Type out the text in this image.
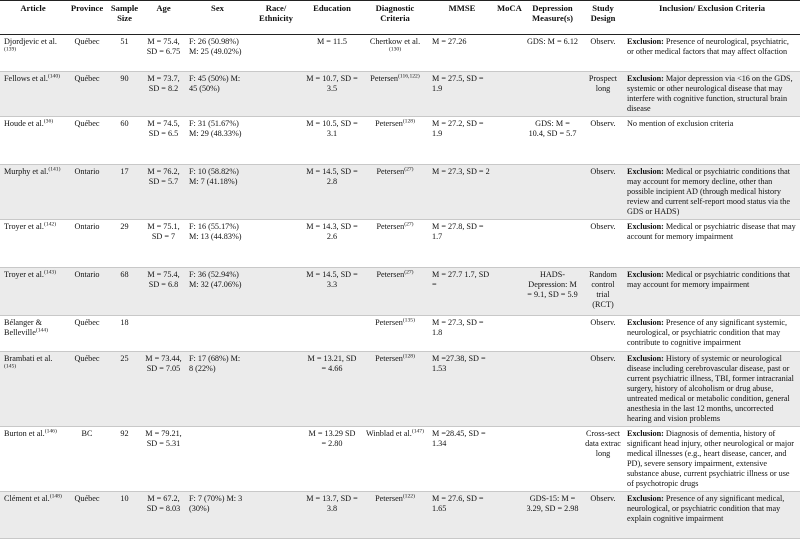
Article	Province	Sample Size	Age	Sex	Race/ Ethnicity	Education	Diagnostic Criteria	MMSE	MoCA	Depression Measure(s)	Study Design	Inclusion/ Exclusion Criteria
Djordjevic et al.$^{(139)}$	Québec	51	M = 75.4, SD = 6.75	F: 26 (50.98%) M: 25 (49.02%)		M = 11.5	Chertkow et al.$^{(130)}$	M = 27.26		GDS: M = 6.12	Observ.	Exclusion: Presence of neurological, psychiatric, or other medical factors that may affect olfaction
Fellows et al.$^{(140)}$	Québec	90	M = 73.7, SD = 8.2	F: 45 (50%) M: 45 (50%)		M = 10.7, SD = 3.5	Petersen$^{(116,122)}$	M = 27.5, SD = 1.9			Prospect long	Exclusion: Major depression via <16 on the GDS, systemic or other neurological disease that may interfere with cognitive function, structural brain disease
Houde et al.$^{(36)}$	Québec	60	M = 74.5, SD = 6.5	F: 31 (51.67%) M: 29 (48.33%)		M = 10.5, SD = 3.1	Petersen$^{(128)}$	M = 27.2, SD = 1.9		GDS: M = 10.4, SD = 5.7	Observ.	No mention of exclusion criteria
Murphy et al.$^{(141)}$	Ontario	17	M = 76.2, SD = 5.7	F: 10 (58.82%) M: 7 (41.18%)		M = 14.5, SD = 2.8	Petersen$^{(27)}$	M = 27.3, SD = 2			Observ.	Exclusion: Medical or psychiatric conditions that may account for memory decline, other than possible incipient AD (through medical history review and current self-report mood status via the GDS or HADS)
Troyer et al.$^{(142)}$	Ontario	29	M = 75.1, SD = 7	F: 16 (55.17%) M: 13 (44.83%)		M = 14.3, SD = 2.6	Petersen$^{(27)}$	M = 27.8, SD = 1.7			Observ.	Exclusion: Medical or psychiatric disease that may account for memory impairment
Troyer et al.$^{(143)}$	Ontario	68	M = 75.4, SD = 6.8	F: 36 (52.94%) M: 32 (47.06%)		M = 14.5, SD = 3.3	Petersen$^{(27)}$	M = 27.7 1.7, SD =		HADS-Depression: M = 9.1, SD = 5.9	Random control trial (RCT)	Exclusion: Medical or psychiatric conditions that may account for memory impairment
Bélanger & Belleville$^{(144)}$	Québec	18					Petersen$^{(135)}$	M = 27.3, SD = 1.8			Observ.	Exclusion: Presence of any significant systemic, neurological, or psychiatric condition that may contribute to cognitive impairment
Brambati et al.$^{(145)}$	Québec	25	M = 73.44, SD = 7.05	F: 17 (68%) M: 8 (22%)		M = 13.21, SD = 4.66	Petersen$^{(128)}$	M =27.38, SD = 1.53			Observ.	Exclusion: History of systemic or neurological disease including cerebrovascular disease, past or current psychiatric illness, TBI, former intracranial surgery, history of alcoholism or drug abuse, untreated medical or metabolic condition, general anesthesia in the last 12 months, uncorrected hearing and vision problems
Burton et al.$^{(146)}$	BC	92	M = 79.21, SD = 5.31			M = 13.29 SD = 2.80	Winblad et al.$^{(147)}$	M =28.45, SD = 1.34			Cross-sect data extrac long	Exclusion: Diagnosis of dementia, history of significant head injury, other neurological or major medical illnesses (e.g., heart disease, cancer, and PD), severe sensory impairment, extensive substance abuse, current psychiatric illness or use of psychotropic drugs
Clément et al.$^{(148)}$	Québec	10	M = 67.2, SD = 8.03	F: 7 (70%) M: 3 (30%)		M = 13.7, SD = 3.8	Petersen$^{(122)}$	M = 27.6, SD = 1.65		GDS-15: M = 3.29, SD = 2.98	Observ.	Exclusion: Presence of any significant medical, neurological, or psychiatric condition that may explain cognitive impairment
